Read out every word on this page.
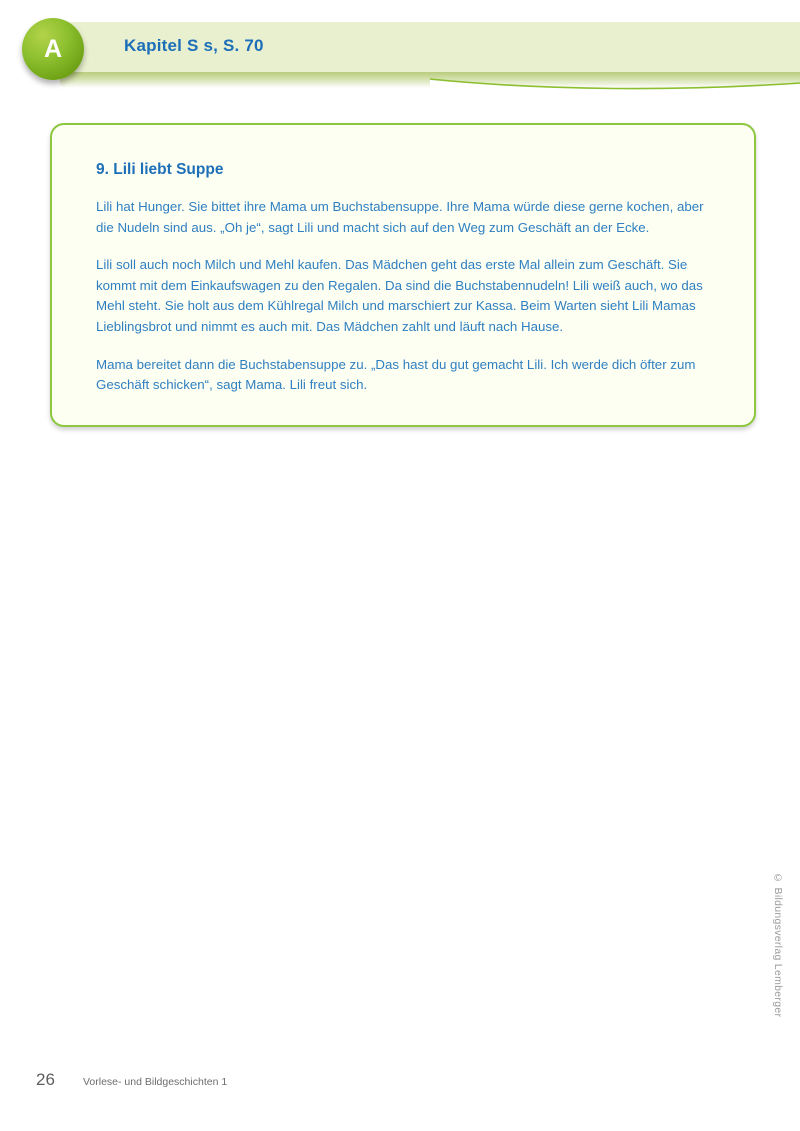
A	Kapitel S s, S. 70
9. Lili liebt Suppe

Lili hat Hunger. Sie bittet ihre Mama um Buchstabensuppe. Ihre Mama würde diese gerne kochen, aber die Nudeln sind aus. „Oh je“, sagt Lili und macht sich auf den Weg zum Geschäft an der Ecke.

Lili soll auch noch Milch und Mehl kaufen. Das Mädchen geht das erste Mal allein zum Geschäft. Sie kommt mit dem Einkaufswagen zu den Regalen. Da sind die Buchstabennudeln! Lili weiß auch, wo das Mehl steht. Sie holt aus dem Kühlregal Milch und marschiert zur Kassa. Beim Warten sieht Lili Mamas Lieblingsbrot und nimmt es auch mit. Das Mädchen zahlt und läuft nach Hause.

Mama bereitet dann die Buchstabensuppe zu. „Das hast du gut gemacht Lili. Ich werde dich öfter zum Geschäft schicken“, sagt Mama. Lili freut sich.

© Bildungsverlag Lemberger
26	Vorlese- und Bildgeschichten 1
